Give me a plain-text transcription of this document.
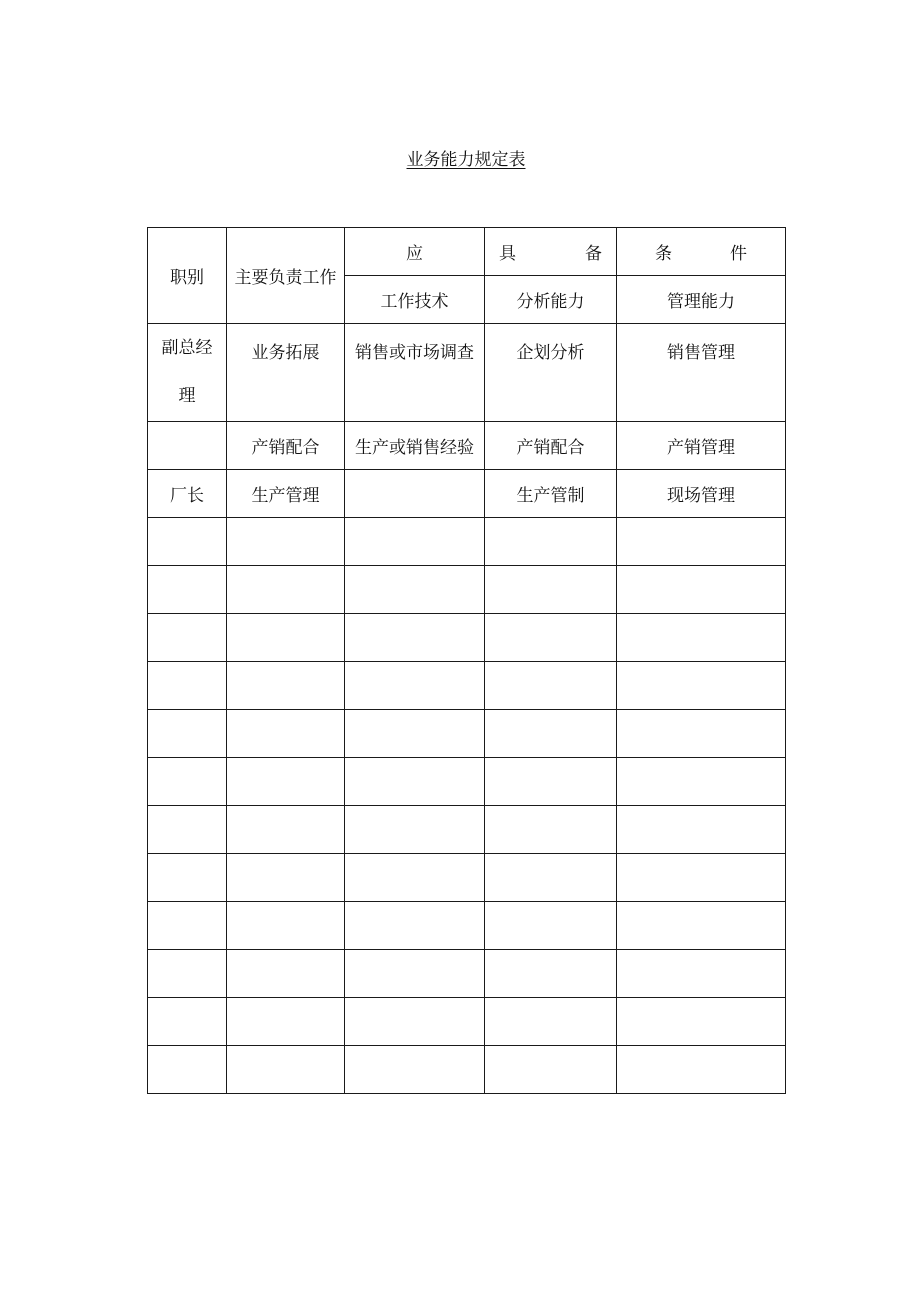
业务能力规定表
职别	主要负责工作	应	具 备	条 件

		工作技术	分析能力	管理能力

副总经
理	业务拓展	销售或市场调查	企划分析	销售管理

	产销配合	生产或销售经验	产销配合	产销管理
厂长	生产管理		生产管制	现场管理
